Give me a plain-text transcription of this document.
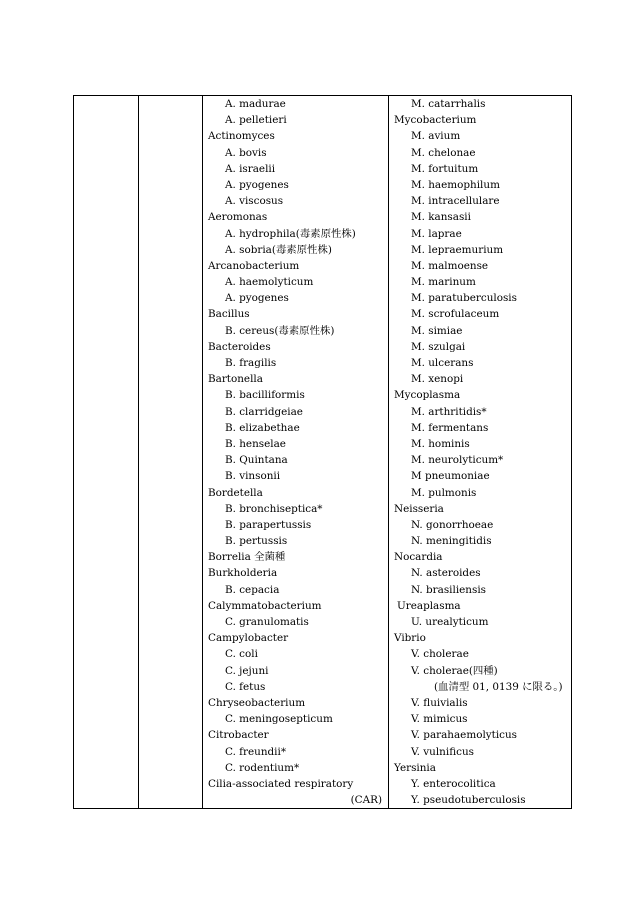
A. madurae
A. pelletieri
Actinomyces
A. bovis
A. israelii
A. pyogenes
A. viscosus
Aeromonas
A. hydrophila(毒素原性株)
A. sobria(毒素原性株)
Arcanobacterium
A. haemolyticum
A. pyogenes
Bacillus
B. cereus(毒素原性株)
Bacteroides
B. fragilis
Bartonella
B. bacilliformis
B. clarridgeiae
B. elizabethae
B. henselae
B. Quintana
B. vinsonii
Bordetella
B. bronchiseptica*
B. parapertussis
B. pertussis
Borrelia 全菌種
Burkholderia
B. cepacia
Calymmatobacterium
C. granulomatis
Campylobacter
C. coli
C. jejuni
C. fetus
Chryseobacterium
C. meningosepticum
Citrobacter
C. freundii*
C. rodentium*
Cilia-associated respiratory
(CAR)
M. catarrhalis
Mycobacterium
M. avium
M. chelonae
M. fortuitum
M. haemophilum
M. intracellulare
M. kansasii
M. laprae
M. lepraemurium
M. malmoense
M. marinum
M. paratuberculosis
M. scrofulaceum
M. simiae
M. szulgai
M. ulcerans
M. xenopi
Mycoplasma
M. arthritidis*
M. fermentans
M. hominis
M. neurolyticum*
M pneumoniae
M. pulmonis
Neisseria
N. gonorrhoeae
N. meningitidis
Nocardia
N. asteroides
N. brasiliensis
Ureaplasma
U. urealyticum
Vibrio
V. cholerae
V. cholerae(四種)
(血清型 01, 0139 に限る。)
V. fluivialis
V. mimicus
V. parahaemolyticus
V. vulnificus
Yersinia
Y. enterocolitica
Y. pseudotuberculosis
